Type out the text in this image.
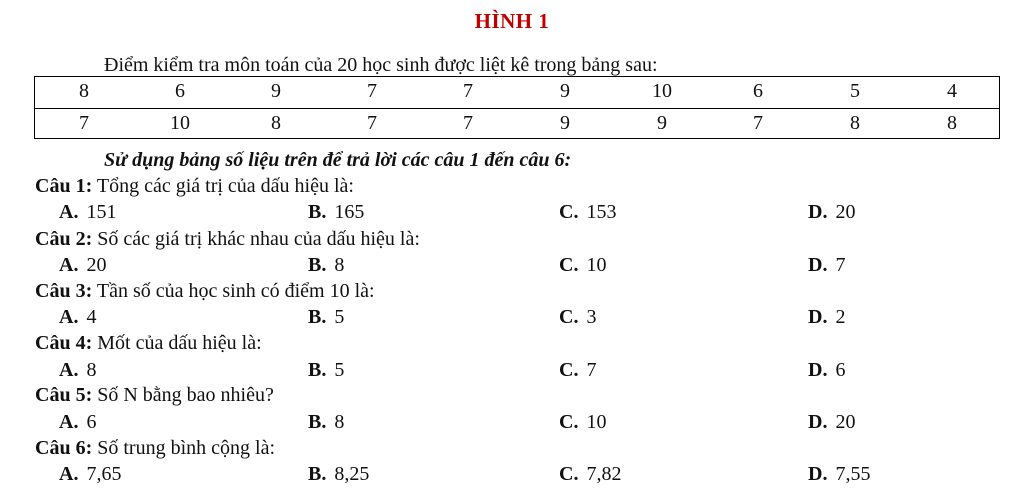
HÌNH 1
Điểm kiểm tra môn toán của 20 học sinh được liệt kê trong bảng sau:
8	6	9	7	7	9	10	6	5	4
7	10	8	7	7	9	9	7	8	8
Sử dụng bảng số liệu trên để trả lời các câu 1 đến câu 6:
Câu 1: Tổng các giá trị của dấu hiệu là:
A. 151	B. 165	C. 153	D. 20
Câu 2: Số các giá trị khác nhau của dấu hiệu là:
A. 20	B. 8	C. 10	D. 7
Câu 3: Tần số của học sinh có điểm 10 là:
A. 4	B. 5	C. 3	D. 2
Câu 4: Mốt của dấu hiệu là:
A. 8	B. 5	C. 7	D. 6
Câu 5: Số N bằng bao nhiêu?
A. 6	B. 8	C. 10	D. 20
Câu 6: Số trung bình cộng là:
A. 7,65	B. 8,25	C. 7,82	D. 7,55
